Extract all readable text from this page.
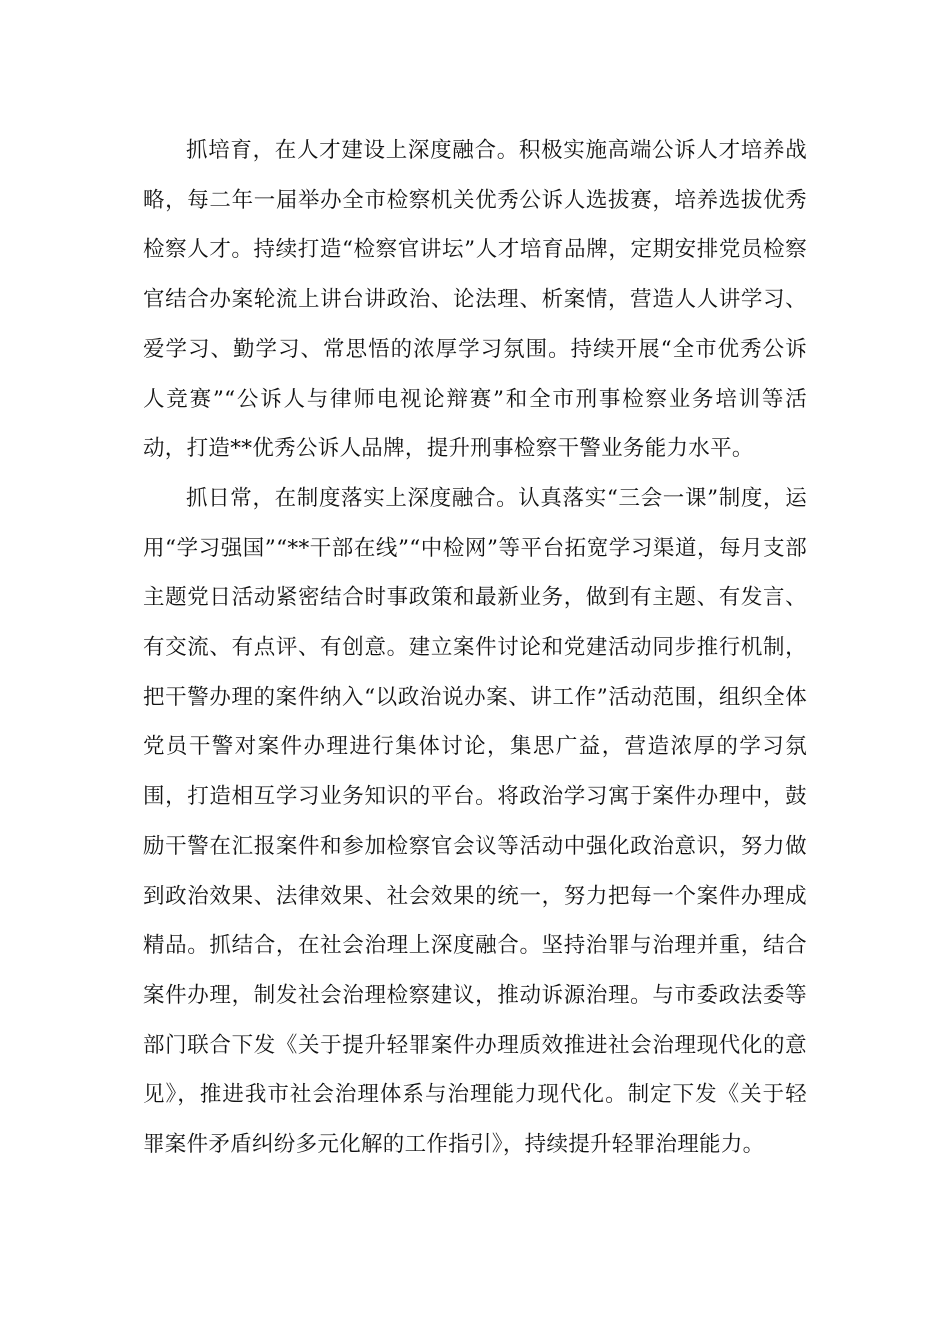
抓培育，在人才建设上深度融合。积极实施高端公诉人才培养战略，每二年一届举办全市检察机关优秀公诉人选拔赛，培养选拔优秀检察人才。持续打造“检察官讲坛”人才培育品牌，定期安排党员检察官结合办案轮流上讲台讲政治、论法理、析案情，营造人人讲学习、爱学习、勤学习、常思悟的浓厚学习氛围。持续开展“全市优秀公诉人竞赛”“公诉人与律师电视论辩赛”和全市刑事检察业务培训等活动，打造**优秀公诉人品牌，提升刑事检察干警业务能力水平。

抓日常，在制度落实上深度融合。认真落实“三会一课”制度，运用“学习强国”“**干部在线”“中检网”等平台拓宽学习渠道，每月支部主题党日活动紧密结合时事政策和最新业务，做到有主题、有发言、有交流、有点评、有创意。建立案件讨论和党建活动同步推行机制，把干警办理的案件纳入“以政治说办案、讲工作”活动范围，组织全体党员干警对案件办理进行集体讨论，集思广益，营造浓厚的学习氛围，打造相互学习业务知识的平台。将政治学习寓于案件办理中，鼓励干警在汇报案件和参加检察官会议等活动中强化政治意识，努力做到政治效果、法律效果、社会效果的统一，努力把每一个案件办理成精品。抓结合，在社会治理上深度融合。坚持治罪与治理并重，结合案件办理，制发社会治理检察建议，推动诉源治理。与市委政法委等部门联合下发《关于提升轻罪案件办理质效推进社会治理现代化的意见》，推进我市社会治理体系与治理能力现代化。制定下发《关于轻罪案件矛盾纠纷多元化解的工作指引》，持续提升轻罪治理能力。
